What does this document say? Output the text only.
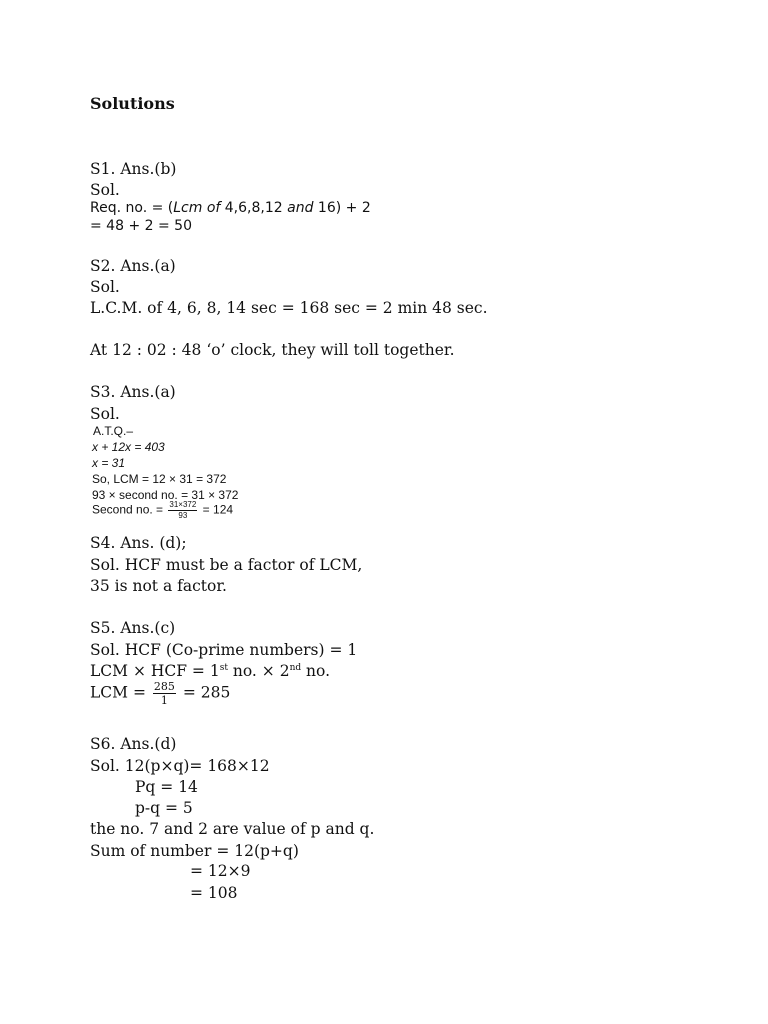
Solutions
S1. Ans.(b)
Sol.
Req. no. = (Lcm of 4,6,8,12 and 16) + 2
= 48 + 2 = 50
S2. Ans.(a)
Sol.
L.C.M. of 4, 6, 8, 14 sec = 168 sec = 2 min 48 sec.
At 12 : 02 : 48 ‘o’ clock, they will toll together.
S3. Ans.(a)
Sol.
A.T.Q.–
x + 12x = 403
x = 31
So, LCM = 12 × 31 = 372
93 × second no. = 31 × 372
Second no. = $\frac{31\times 372}{93} = 124$
S4. Ans. (d);
Sol. HCF must be a factor of LCM,
35 is not a factor.
S5. Ans.(c)
Sol. HCF (Co-prime numbers) = 1
LCM × HCF = 1st no. × 2nd no.
LCM = $\frac{285}{1} = 285$
S6. Ans.(d)
Sol. 12(p×q)= 168×12
Pq = 14
p-q = 5
the no. 7 and 2 are value of p and q.
Sum of number = 12(p+q)
= 12×9
= 108
